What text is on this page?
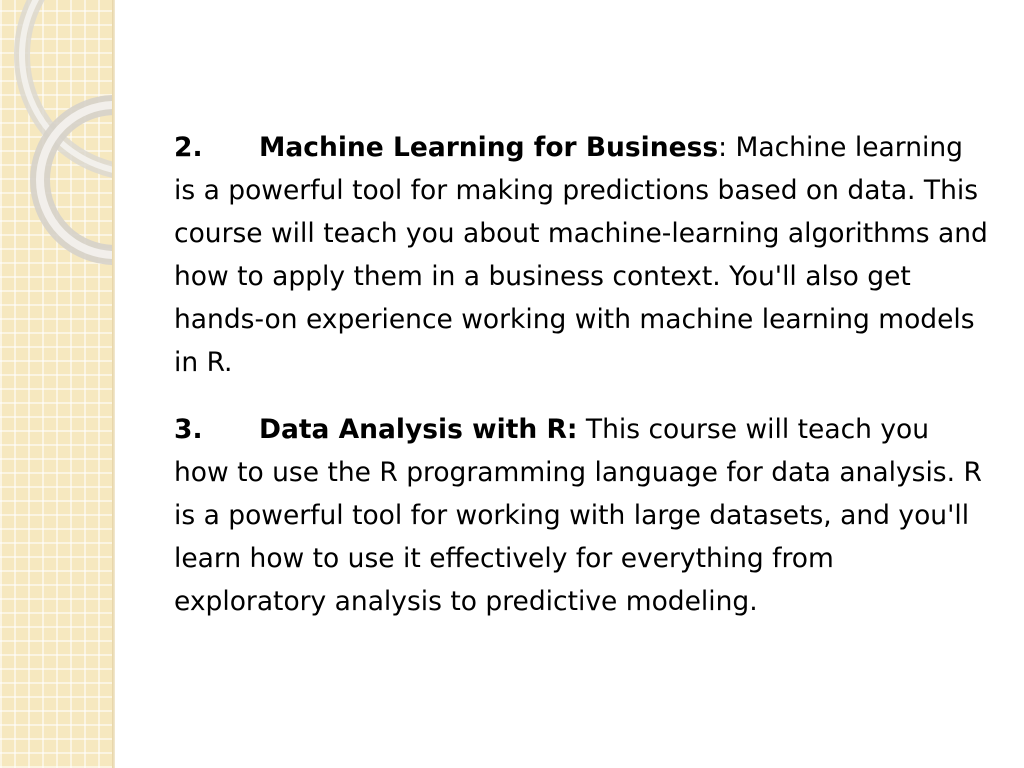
2. Machine Learning for Business: Machine learning is a powerful tool for making predictions based on data. This course will teach you about machine-learning algorithms and how to apply them in a business context. You'll also get hands-on experience working with machine learning models in R.

3. Data Analysis with R: This course will teach you how to use the R programming language for data analysis. R is a powerful tool for working with large datasets, and you'll learn how to use it effectively for everything from exploratory analysis to predictive modeling.
